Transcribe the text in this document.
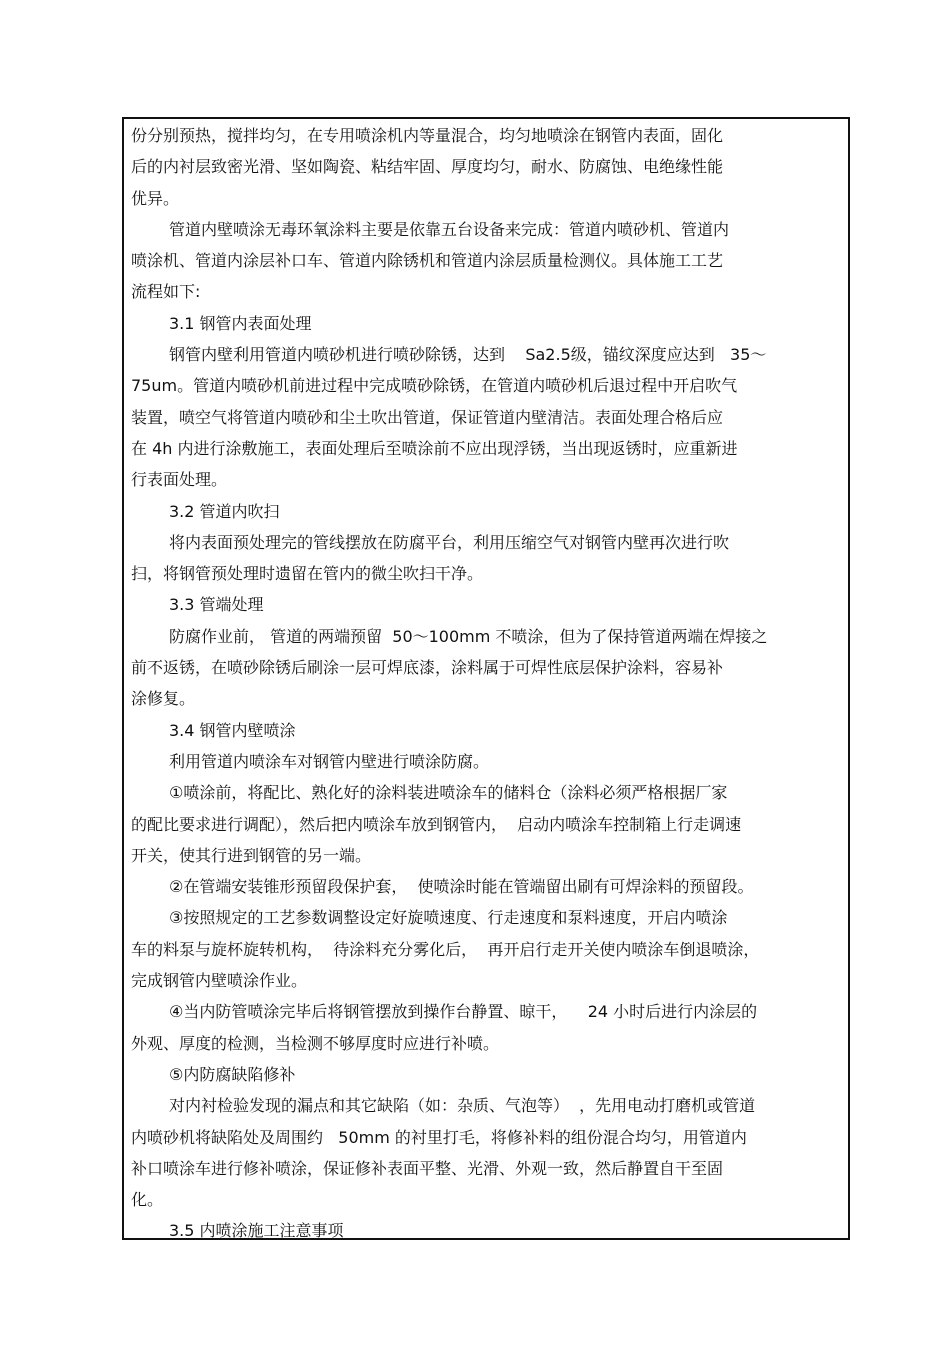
份分别预热，搅拌均匀，在专用喷涂机内等量混合，均匀地喷涂在钢管内表面，固化
后的内衬层致密光滑、坚如陶瓷、粘结牢固、厚度均匀，耐水、防腐蚀、电绝缘性能
优异。
管道内壁喷涂无毒环氧涂料主要是依靠五台设备来完成：管道内喷砂机、管道内
喷涂机、管道内涂层补口车、管道内除锈机和管道内涂层质量检测仪。具体施工工艺
流程如下:
3.1 钢管内表面处理
钢管内壁利用管道内喷砂机进行喷砂除锈，达到    Sa2.5级，锚纹深度应达到   35～
75um。管道内喷砂机前进过程中完成喷砂除锈，在管道内喷砂机后退过程中开启吹气
装置，喷空气将管道内喷砂和尘土吹出管道，保证管道内壁清洁。表面处理合格后应
在 4h 内进行涂敷施工，表面处理后至喷涂前不应出现浮锈，当出现返锈时，应重新进
行表面处理。
3.2 管道内吹扫
将内表面预处理完的管线摆放在防腐平台，利用压缩空气对钢管内壁再次进行吹
扫，将钢管预处理时遗留在管内的微尘吹扫干净。
3.3 管端处理
防腐作业前， 管道的两端预留  50～100mm 不喷涂，但为了保持管道两端在焊接之
前不返锈，在喷砂除锈后刷涂一层可焊底漆，涂料属于可焊性底层保护涂料，容易补
涂修复。
3.4 钢管内壁喷涂
利用管道内喷涂车对钢管内壁进行喷涂防腐。
①喷涂前，将配比、熟化好的涂料装进喷涂车的储料仓（涂料必须严格根据厂家
的配比要求进行调配），然后把内喷涂车放到钢管内，  启动内喷涂车控制箱上行走调速
开关，使其行进到钢管的另一端。
②在管端安装锥形预留段保护套，  使喷涂时能在管端留出刷有可焊涂料的预留段。
③按照规定的工艺参数调整设定好旋喷速度、行走速度和泵料速度，开启内喷涂
车的料泵与旋杯旋转机构，  待涂料充分雾化后，  再开启行走开关使内喷涂车倒退喷涂，
完成钢管内壁喷涂作业。
④当内防管喷涂完毕后将钢管摆放到操作台静置、晾干，    24 小时后进行内涂层的
外观、厚度的检测，当检测不够厚度时应进行补喷。
⑤内防腐缺陷修补
对内衬检验发现的漏点和其它缺陷（如：杂质、气泡等）  ，先用电动打磨机或管道
内喷砂机将缺陷处及周围约   50mm 的衬里打毛，将修补料的组份混合均匀，用管道内
补口喷涂车进行修补喷涂，保证修补表面平整、光滑、外观一致，然后静置自干至固
化。
3.5 内喷涂施工注意事项
